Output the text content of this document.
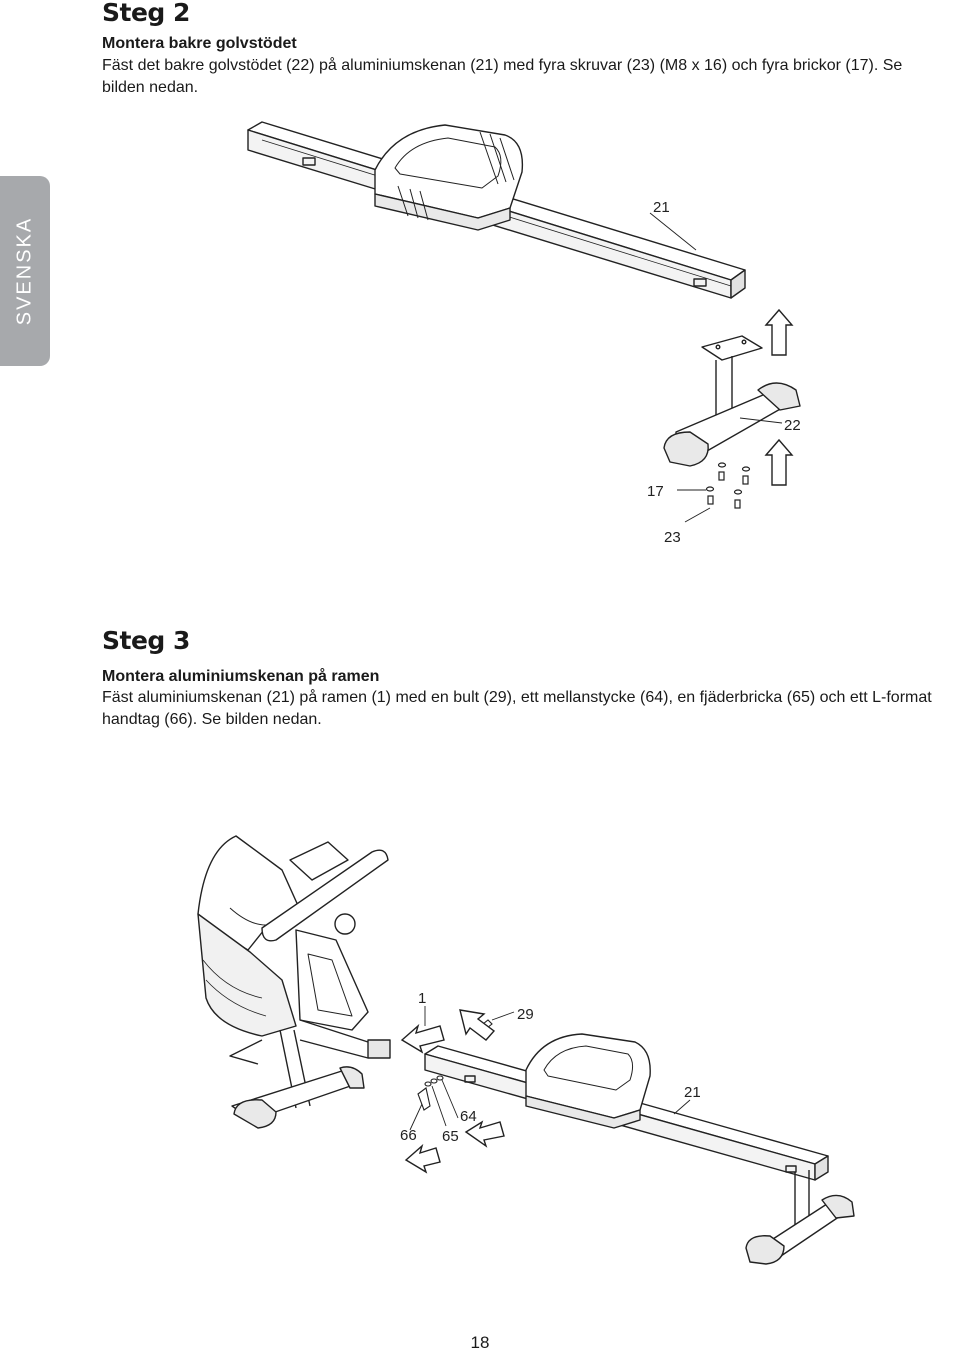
SVENSKA
Steg 2
Montera bakre golvstödet

Fäst det bakre golvstödet (22) på aluminiumskenan (21) med fyra skruvar (23) (M8 x 16) och fyra brickor (17). Se bilden nedan.

21
22
17
23
Steg 3
Montera aluminiumskenan på ramen

Fäst aluminiumskenan (21) på ramen (1) med en bult (29), ett mellanstycke (64), en fjäderbricka (65) och ett L-format handtag (66). Se bilden nedan.

1
29
21
64
65
66
18
